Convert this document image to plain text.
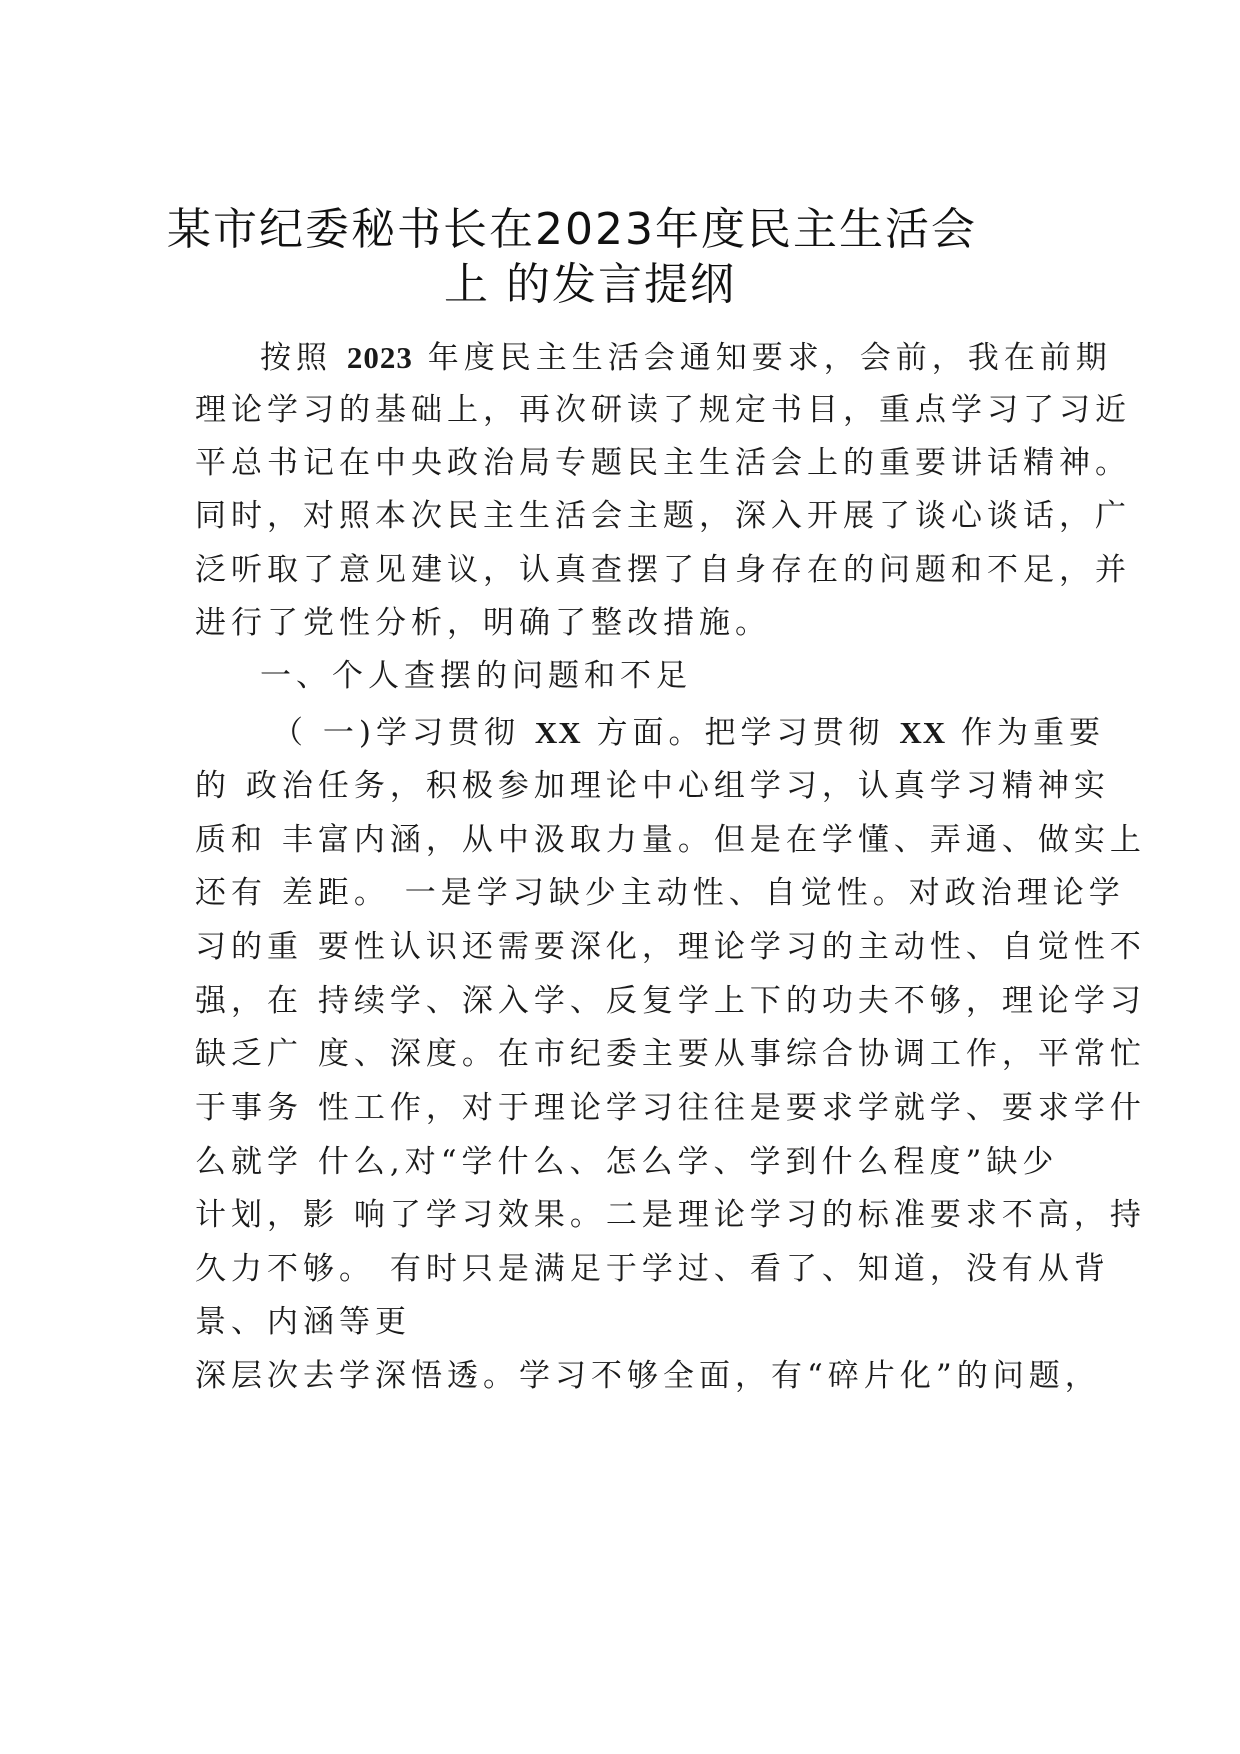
某市纪委秘书长在2023年度民主生活会
上 的发言提纲
按照 2023 年度民主生活会通知要求，会前，我在前期
理论学习的基础上，再次研读了规定书目，重点学习了习近
平总书记在中央政治局专题民主生活会上的重要讲话精神。
同时，对照本次民主生活会主题，深入开展了谈心谈话，广
泛听取了意见建议，认真查摆了自身存在的问题和不足，并
进行了党性分析，明确了整改措施。
一、个人查摆的问题和不足
（ 一)学习贯彻 XX 方面。把学习贯彻 XX 作为重要
的 政治任务，积极参加理论中心组学习，认真学习精神实
质和 丰富内涵，从中汲取力量。但是在学懂、弄通、做实上
还有 差距。 一是学习缺少主动性、自觉性。对政治理论学
习的重 要性认识还需要深化，理论学习的主动性、自觉性不
强，在 持续学、深入学、反复学上下的功夫不够，理论学习
缺乏广 度、深度。在市纪委主要从事综合协调工作，平常忙
于事务 性工作，对于理论学习往往是要求学就学、要求学什
么就学 什么,对“学什么、怎么学、学到什么程度”缺少
计划，影 响了学习效果。二是理论学习的标准要求不高，持
久力不够。 有时只是满足于学过、看了、知道，没有从背
景、内涵等更
深层次去学深悟透。学习不够全面，有“碎片化”的问题，
